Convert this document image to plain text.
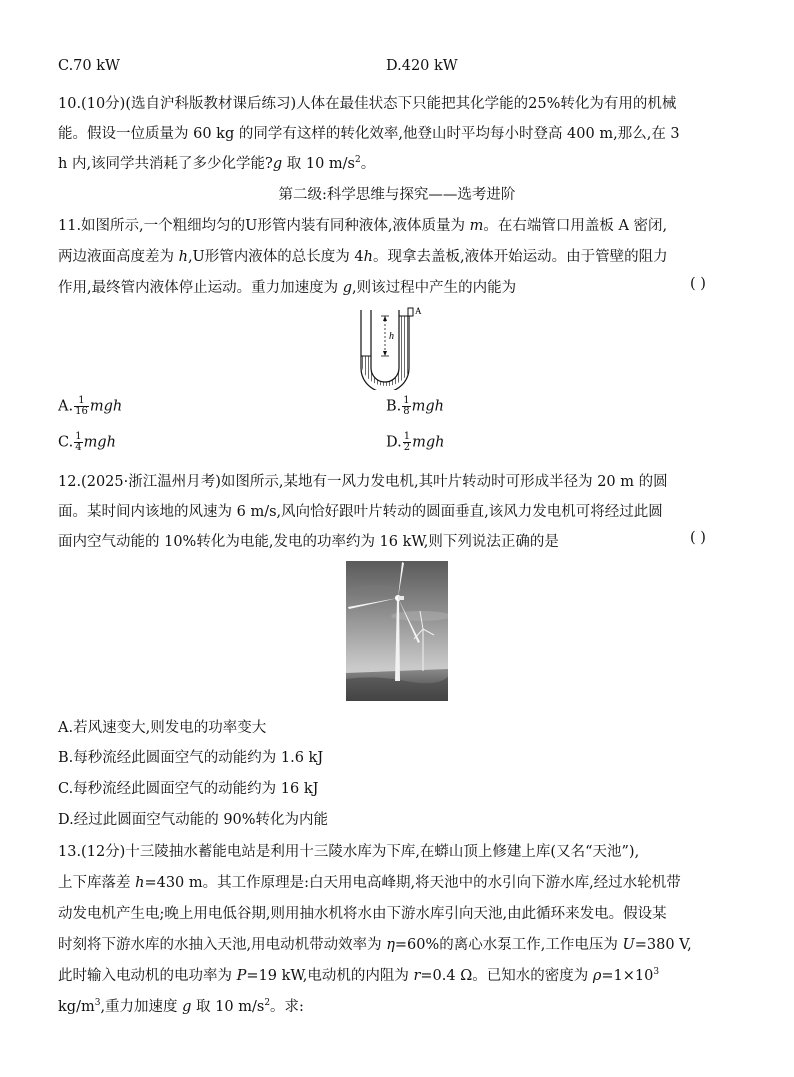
C.70 kW	D.420 kW
10.(10分)(选自沪科版教材课后练习)人体在最佳状态下只能把其化学能的25%转化为有用的机械
能。假设一位质量为 60 kg 的同学有这样的转化效率,他登山时平均每小时登高 400 m,那么,在 3
h 内,该同学共消耗了多少化学能?g 取 10 $m/s^2$。
第二级:科学思维与探究——选考进阶
11.如图所示,一个粗细均匀的U形管内装有同种液体,液体质量为 m。在右端管口用盖板 A 密闭,
两边液面高度差为 h,U形管内液体的总长度为 4h。现拿去盖板,液体开始运动。由于管壁的阻力
作用,最终管内液体停止运动。重力加速度为 g,则该过程中产生的内能为	( )
h
A
A. $\frac{1}{16}$ mgh	B. $\frac{1}{8}$ mgh
C. $\frac{1}{4}$ mgh	D. $\frac{1}{2}$ mgh
12.(2025·浙江温州月考)如图所示,某地有一风力发电机,其叶片转动时可形成半径为 20 m 的圆
面。某时间内该地的风速为 6 m/s,风向恰好跟叶片转动的圆面垂直,该风力发电机可将经过此圆
面内空气动能的 10%转化为电能,发电的功率约为 16 kW,则下列说法正确的是	( )
A.若风速变大,则发电的功率变大
B.每秒流经此圆面空气的动能约为 1.6 kJ
C.每秒流经此圆面空气的动能约为 16 kJ
D.经过此圆面空气动能的 90%转化为内能
13.(12分)十三陵抽水蓄能电站是利用十三陵水库为下库,在蟒山顶上修建上库(又名“天池”),
上下库落差 h=430 m。其工作原理是:白天用电高峰期,将天池中的水引向下游水库,经过水轮机带
动发电机产生电;晚上用电低谷期,则用抽水机将水由下游水库引向天池,由此循环来发电。假设某
时刻将下游水库的水抽入天池,用电动机带动效率为 η=60%的离心水泵工作,工作电压为 U=380 V,
此时输入电动机的电功率为 P=19 kW,电动机的内阻为 r=0.4 Ω。已知水的密度为 $\rho=1\times 10^3$
$kg/m^3$,重力加速度 g 取 10 $m/s^2$。求:
